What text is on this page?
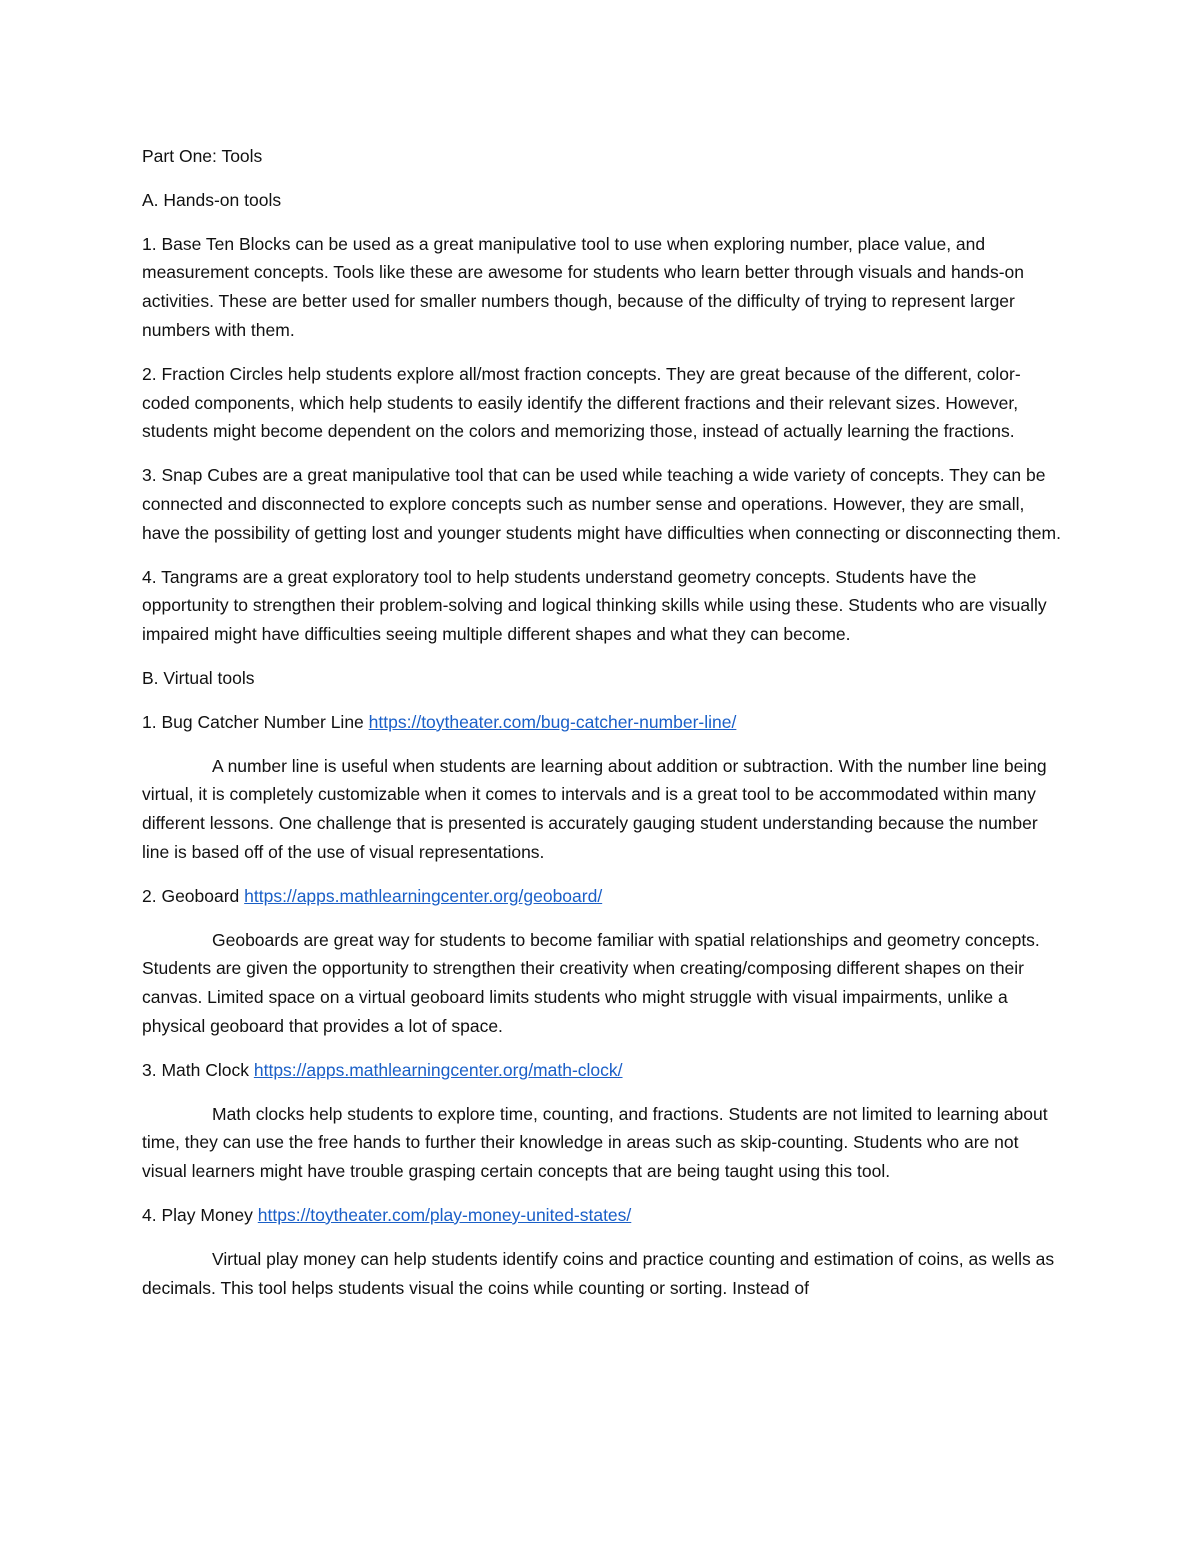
Part One: Tools

A. Hands-on tools

1. Base Ten Blocks can be used as a great manipulative tool to use when exploring number, place value, and measurement concepts. Tools like these are awesome for students who learn better through visuals and hands-on activities. These are better used for smaller numbers though, because of the difficulty of trying to represent larger numbers with them.

2. Fraction Circles help students explore all/most fraction concepts. They are great because of the different, color-coded components, which help students to easily identify the different fractions and their relevant sizes. However, students might become dependent on the colors and memorizing those, instead of actually learning the fractions.

3. Snap Cubes are a great manipulative tool that can be used while teaching a wide variety of concepts. They can be connected and disconnected to explore concepts such as number sense and operations. However, they are small, have the possibility of getting lost and younger students might have difficulties when connecting or disconnecting them.

4. Tangrams are a great exploratory tool to help students understand geometry concepts. Students have the opportunity to strengthen their problem-solving and logical thinking skills while using these. Students who are visually impaired might have difficulties seeing multiple different shapes and what they can become.

B. Virtual tools

1. Bug Catcher Number Line https://toytheater.com/bug-catcher-number-line/

A number line is useful when students are learning about addition or subtraction. With the number line being virtual, it is completely customizable when it comes to intervals and is a great tool to be accommodated within many different lessons. One challenge that is presented is accurately gauging student understanding because the number line is based off of the use of visual representations.

2. Geoboard https://apps.mathlearningcenter.org/geoboard/

Geoboards are great way for students to become familiar with spatial relationships and geometry concepts. Students are given the opportunity to strengthen their creativity when creating/composing different shapes on their canvas. Limited space on a virtual geoboard limits students who might struggle with visual impairments, unlike a physical geoboard that provides a lot of space.

3. Math Clock https://apps.mathlearningcenter.org/math-clock/

Math clocks help students to explore time, counting, and fractions. Students are not limited to learning about time, they can use the free hands to further their knowledge in areas such as skip-counting. Students who are not visual learners might have trouble grasping certain concepts that are being taught using this tool.

4. Play Money https://toytheater.com/play-money-united-states/

Virtual play money can help students identify coins and practice counting and estimation of coins, as wells as decimals. This tool helps students visual the coins while counting or sorting. Instead of
